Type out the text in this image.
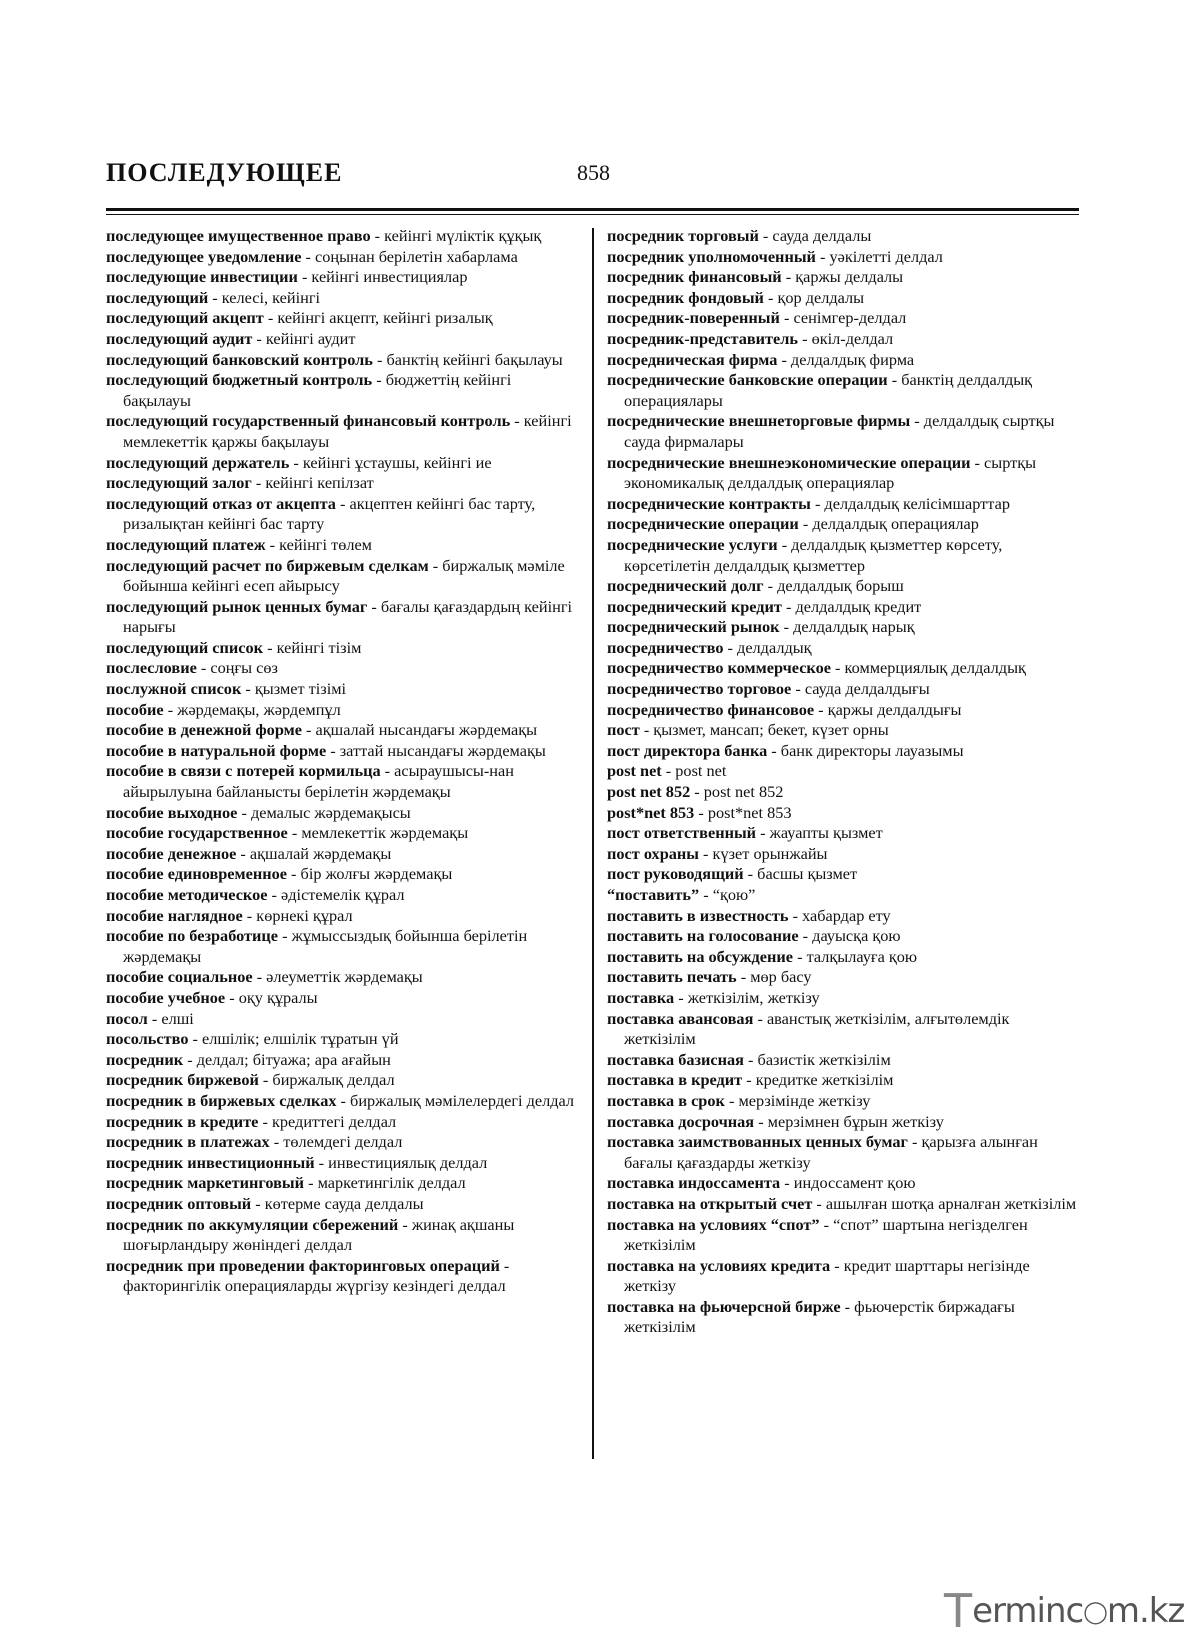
ПОСЛЕДУЮЩЕЕ	858
последующее имущественное право - кейінгі мүліктік құқық
последующее уведомление - соңынан берілетін хабарлама
последующие инвестиции - кейінгі инвестициялар
последующий - келесі, кейінгі
последующий акцепт - кейінгі акцепт, кейінгі ризалық
последующий аудит - кейінгі аудит
последующий банковский контроль - банктің кейінгі бақылауы
последующий бюджетный контроль - бюджеттің кейінгі бақылауы
последующий государственный финансовый контроль - кейінгі мемлекеттік қаржы бақылауы
последующий держатель - кейінгі ұстаушы, кейінгі ие
последующий залог - кейінгі кепілзат
последующий отказ от акцепта - акцептен кейінгі бас тарту, ризалықтан кейінгі бас тарту
последующий платеж - кейінгі төлем
последующий расчет по биржевым сделкам - биржалық мәміле бойынша кейінгі есеп айырысу
последующий рынок ценных бумаг - бағалы қағаздардың кейінгі нарығы
последующий список - кейінгі тізім
послесловие - соңғы сөз
послужной список - қызмет тізімі
пособие - жәрдемақы, жәрдемпұл
пособие в денежной форме - ақшалай нысандағы жәрдемақы
пособие в натуральной форме - заттай нысандағы жәрдемақы
пособие в связи с потерей кормильца - асыраушысы-нан айырылуына байланысты берілетін жәрдемақы
пособие выходное - демалыс жәрдемақысы
пособие государственное - мемлекеттік жәрдемақы
пособие денежное - ақшалай жәрдемақы
пособие единовременное - бір жолғы жәрдемақы
пособие методическое - әдістемелік құрал
пособие наглядное - көрнекі құрал
пособие по безработице - жұмыссыздық бойынша берілетін жәрдемақы
пособие социальное - әлеуметтік жәрдемақы
пособие учебное - оқу құралы
посол - елші
посольство - елшілік; елшілік тұратын үй
посредник - делдал; бітуажа; ара ағайын
посредник биржевой - биржалық делдал
посредник в биржевых сделках - биржалық мәмілелердегі делдал
посредник в кредите - кредиттегі делдал
посредник в платежах - төлемдегі делдал
посредник инвестиционный - инвестициялық делдал
посредник маркетинговый - маркетингілік делдал
посредник оптовый - көтерме сауда делдалы
посредник по аккумуляции сбережений - жинақ ақшаны шоғырландыру жөніндегі делдал
посредник при проведении факторинговых операций - факторингілік операцияларды жүргізу кезіндегі делдал
посредник торговый - сауда делдалы
посредник уполномоченный - уәкілетті делдал
посредник финансовый - қаржы делдалы
посредник фондовый - қор делдалы
посредник-поверенный - сенімгер-делдал
посредник-представитель - өкіл-делдал
посредническая фирма - делдалдық фирма
посреднические банковские операции - банктің делдалдық операциялары
посреднические внешнеторговые фирмы - делдалдық сыртқы сауда фирмалары
посреднические внешнеэкономические операции - сыртқы экономикалық делдалдық операциялар
посреднические контракты - делдалдық келісімшарттар
посреднические операции - делдалдық операциялар
посреднические услуги - делдалдық қызметтер көрсету, көрсетілетін делдалдық қызметтер
посреднический долг - делдалдық борыш
посреднический кредит - делдалдық кредит
посреднический рынок - делдалдық нарық
посредничество - делдалдық
посредничество коммерческое - коммерциялық делдалдық
посредничество торговое - сауда делдалдығы
посредничество финансовое - қаржы делдалдығы
пост - қызмет, мансап; бекет, күзет орны
пост директора банка - банк директоры лауазымы
post net - post net
post net 852 - post net 852
post*net 853 - post*net 853
пост ответственный - жауапты қызмет
пост охраны - күзет орынжайы
пост руководящий - басшы қызмет
“поставить” - “қою”
поставить в известность - хабардар ету
поставить на голосование - дауысқа қою
поставить на обсуждение - талқылауға қою
поставить печать - мөр басу
поставка - жеткізілім, жеткізу
поставка авансовая - аванстық жеткізілім, алғытөлемдік жеткізілім
поставка базисная - базистік жеткізілім
поставка в кредит - кредитке жеткізілім
поставка в срок - мерзімінде жеткізу
поставка досрочная - мерзімнен бұрын жеткізу
поставка заимствованных ценных бумаг - қарызға алынған бағалы қағаздарды жеткізу
поставка индоссамента - индоссамент қою
поставка на открытый счет - ашылған шотқа арналған жеткізілім
поставка на условиях “спот” - “спот” шартына негізделген жеткізілім
поставка на условиях кредита - кредит шарттары негізінде жеткізу
поставка на фьючерсной бирже - фьючерстік биржадағы жеткізілім
Terminc◯m.kz
